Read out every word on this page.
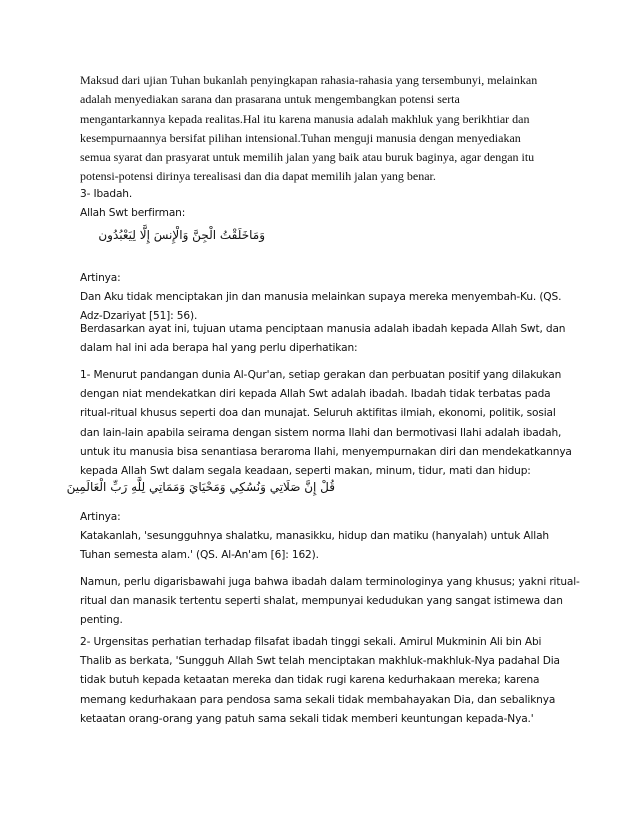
Maksud dari ujian Tuhan bukanlah penyingkapan rahasia-rahasia yang tersembunyi, melainkan
adalah menyediakan sarana dan prasarana untuk mengembangkan potensi serta
mengantarkannya kepada realitas.Hal itu karena manusia adalah makhluk yang berikhtiar dan
kesempurnaannya bersifat pilihan intensional.Tuhan menguji manusia dengan menyediakan
semua syarat dan prasyarat untuk memilih jalan yang baik atau buruk baginya, agar dengan itu
potensi-potensi dirinya terealisasi dan dia dapat memilih jalan yang benar.
3- Ibadah.
Allah Swt berfirman:
وَمَاخَلَقْتُ الْجِنَّ وَالْإِنسَ إِلَّا لِيَعْبُدُون
Artinya:
Dan Aku tidak menciptakan jin dan manusia melainkan supaya mereka menyembah-Ku. (QS.
Adz-Dzariyat [51]: 56).
Berdasarkan ayat ini, tujuan utama penciptaan manusia adalah ibadah kepada Allah Swt, dan
dalam hal ini ada berapa hal yang perlu diperhatikan:
1- Menurut pandangan dunia Al-Qur'an, setiap gerakan dan perbuatan positif yang dilakukan
dengan niat mendekatkan diri kepada Allah Swt adalah ibadah. Ibadah tidak terbatas pada
ritual-ritual khusus seperti doa dan munajat. Seluruh aktifitas ilmiah, ekonomi, politik, sosial
dan lain-lain apabila seirama dengan sistem norma Ilahi dan bermotivasi Ilahi adalah ibadah,
untuk itu manusia bisa senantiasa beraroma Ilahi, menyempurnakan diri dan mendekatkannya
kepada Allah Swt dalam segala keadaan, seperti makan, minum, tidur, mati dan hidup:
قُلْ إِنَّ صَلَاتِي وَنُسُكِي وَمَحْيَايَ وَمَمَاتِي لِلَّهِ رَبِّ الْعَالَمِينَ
Artinya:
Katakanlah, 'sesungguhnya shalatku, manasikku, hidup dan matiku (hanyalah) untuk Allah
Tuhan semesta alam.' (QS. Al-An'am [6]: 162).
Namun, perlu digarisbawahi juga bahwa ibadah dalam terminologinya yang khusus; yakni ritual-
ritual dan manasik tertentu seperti shalat, mempunyai kedudukan yang sangat istimewa dan
penting.
2- Urgensitas perhatian terhadap filsafat ibadah tinggi sekali. Amirul Mukminin Ali bin Abi
Thalib as berkata, 'Sungguh Allah Swt telah menciptakan makhluk-makhluk-Nya padahal Dia
tidak butuh kepada ketaatan mereka dan tidak rugi karena kedurhakaan mereka; karena
memang kedurhakaan para pendosa sama sekali tidak membahayakan Dia, dan sebaliknya
ketaatan orang-orang yang patuh sama sekali tidak memberi keuntungan kepada-Nya.'
